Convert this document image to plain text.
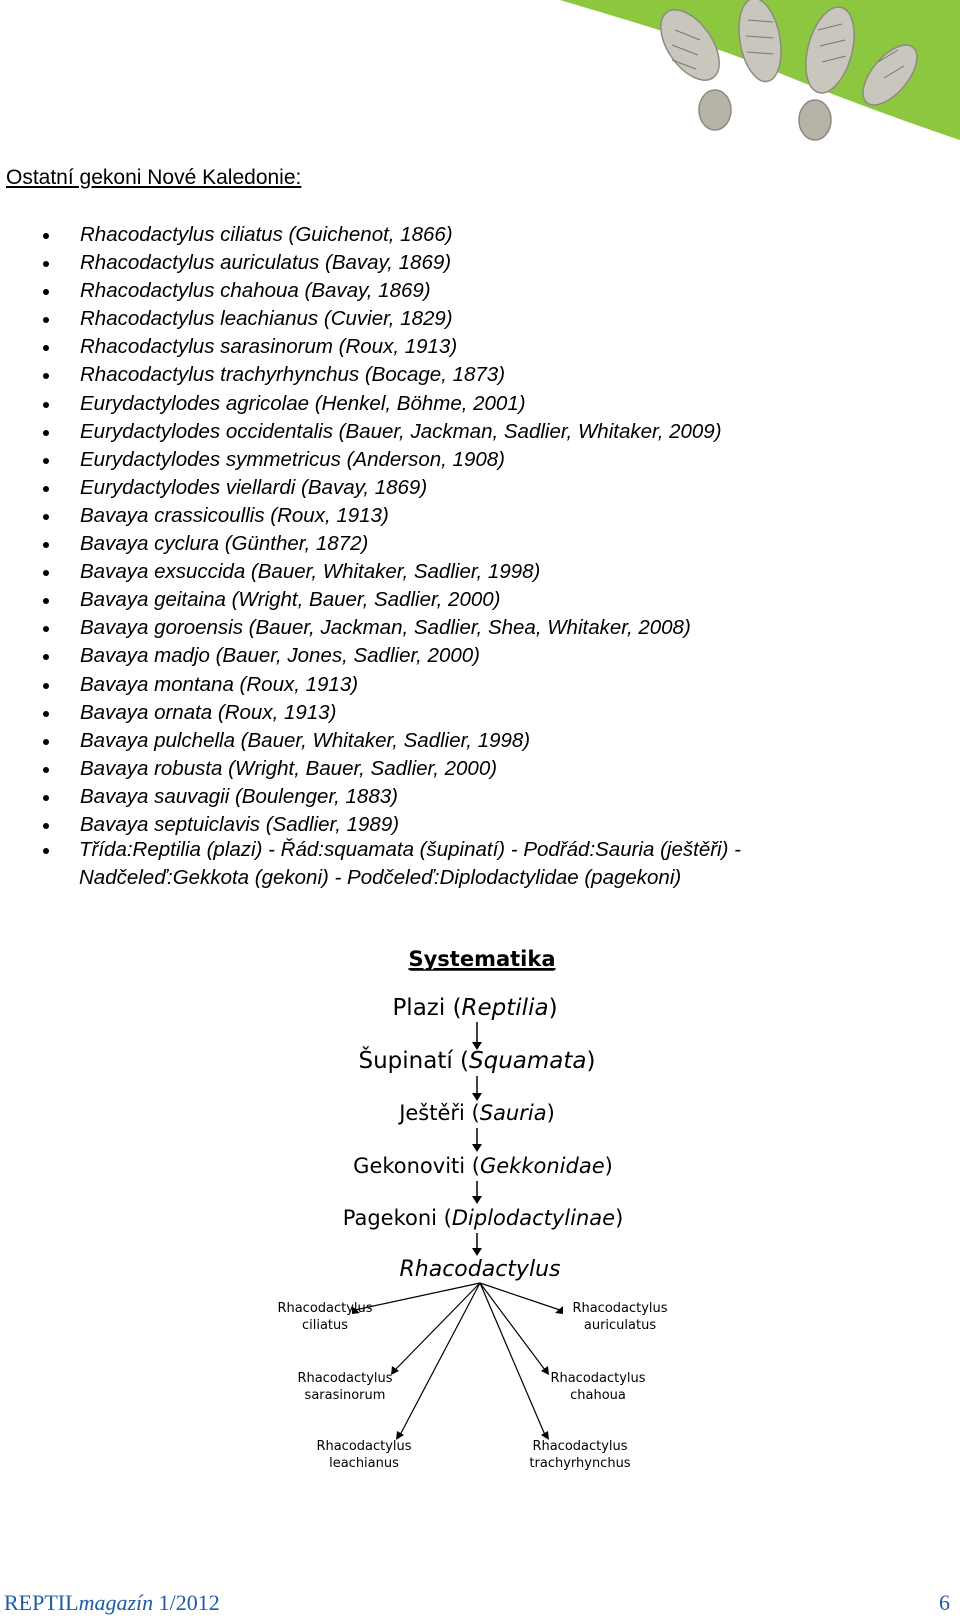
Ostatní gekoni Nové Kaledonie:
Rhacodactylus ciliatus (Guichenot, 1866)
Rhacodactylus auriculatus (Bavay, 1869)
Rhacodactylus chahoua (Bavay, 1869)
Rhacodactylus leachianus (Cuvier, 1829)
Rhacodactylus sarasinorum (Roux, 1913)
Rhacodactylus trachyrhynchus (Bocage, 1873)
Eurydactylodes agricolae (Henkel, Böhme, 2001)
Eurydactylodes occidentalis (Bauer, Jackman, Sadlier, Whitaker, 2009)
Eurydactylodes symmetricus (Anderson, 1908)
Eurydactylodes viellardi (Bavay, 1869)
Bavaya crassicoullis (Roux, 1913)
Bavaya cyclura (Günther, 1872)
Bavaya exsuccida (Bauer, Whitaker, Sadlier, 1998)
Bavaya geitaina (Wright, Bauer, Sadlier, 2000)
Bavaya goroensis (Bauer, Jackman, Sadlier, Shea, Whitaker, 2008)
Bavaya madjo (Bauer, Jones, Sadlier, 2000)
Bavaya montana (Roux, 1913)
Bavaya ornata (Roux, 1913)
Bavaya pulchella (Bauer, Whitaker, Sadlier, 1998)
Bavaya robusta (Wright, Bauer, Sadlier, 2000)
Bavaya sauvagii (Boulenger, 1883)
Bavaya septuiclavis (Sadlier, 1989)
Třída:Reptilia (plazi) - Řád:squamata (šupinatí) - Podřád:Sauria (ještěři) -
Nadčeleď:Gekkota (gekoni) - Podčeleď:Diplodactylidae (pagekoni)
Systematika
Plazi (Reptilia)
Šupinatí (Squamata)
Ještěři (Sauria)
Gekonoviti (Gekkonidae)
Pagekoni (Diplodactylinae)
Rhacodactylus
Rhacodactylus
ciliatus
Rhacodactylus
auriculatus
Rhacodactylus
sarasinorum
Rhacodactylus
chahoua
Rhacodactylus
leachianus
Rhacodactylus
trachyrhynchus
REPTILmagazín 1/2012	6
